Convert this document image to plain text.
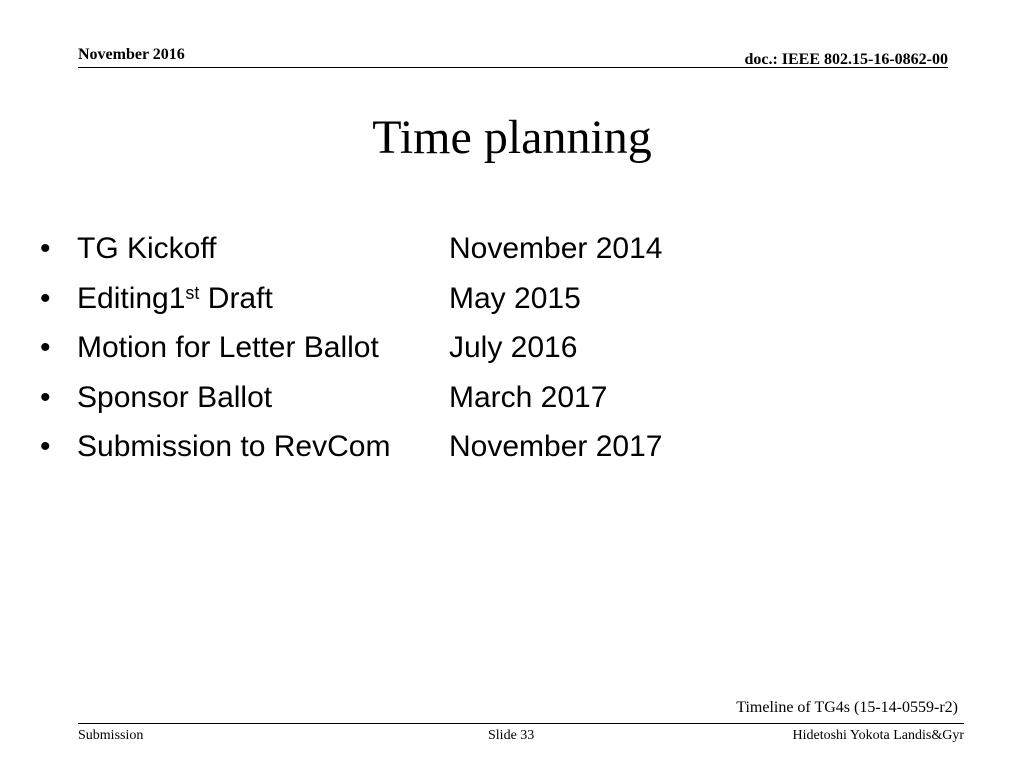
November 2016	doc.: IEEE 802.15-16-0862-00
Time planning
• TG Kickoff	November 2014
• Editing1st Draft	May 2015
• Motion for Letter Ballot July 2016
• Sponsor Ballot	March 2017
• Submission to RevCom November 2017
Timeline of TG4s (15-14-0559-r2)
Submission	Slide 33	Hidetoshi Yokota Landis&Gyr
